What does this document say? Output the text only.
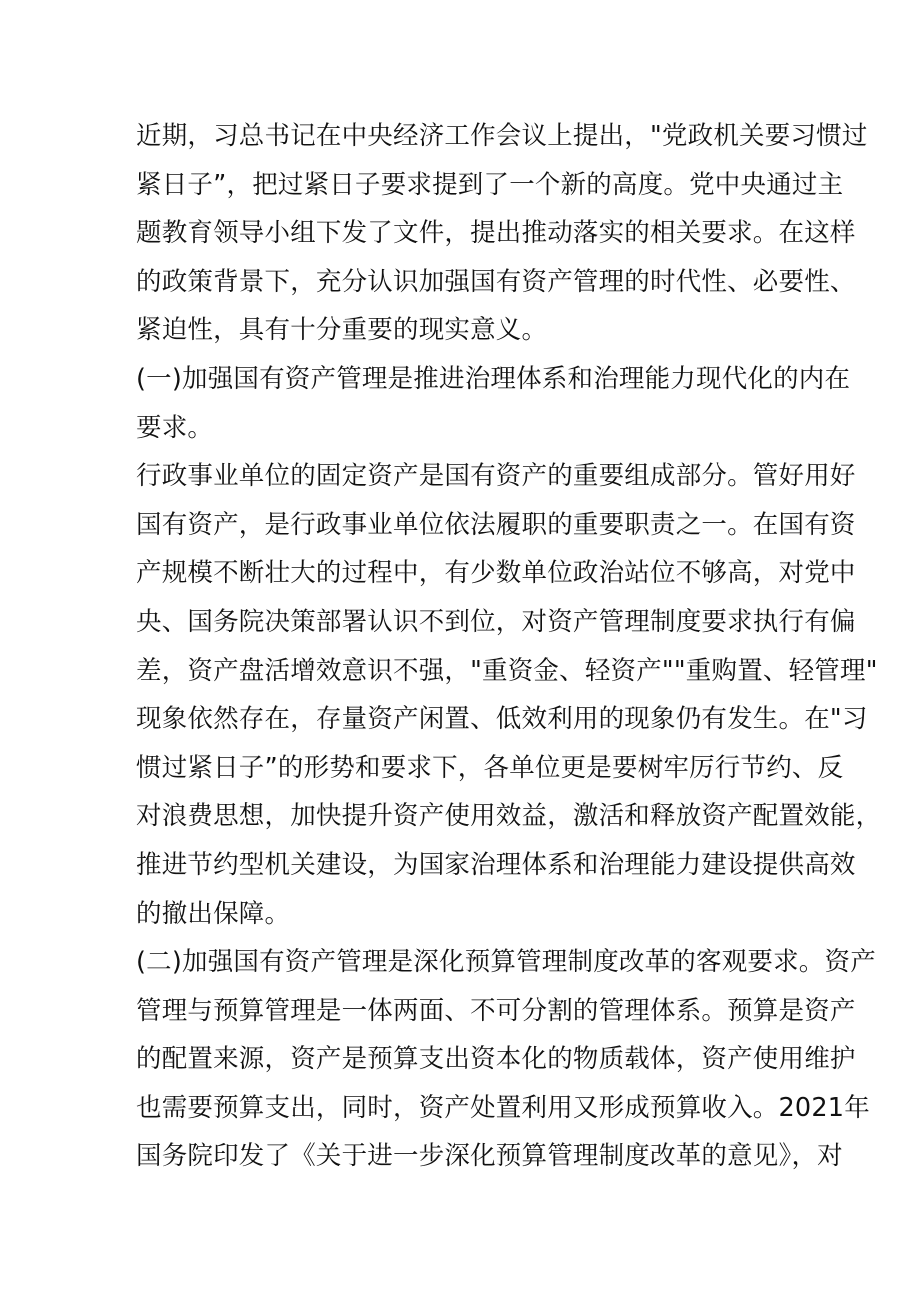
近期，习总书记在中央经济工作会议上提出，"党政机关要习惯过
紧日子”，把过紧日子要求提到了一个新的高度。党中央通过主
题教育领导小组下发了文件，提出推动落实的相关要求。在这样
的政策背景下，充分认识加强国有资产管理的时代性、必要性、
紧迫性，具有十分重要的现实意义。
(一)加强国有资产管理是推进治理体系和治理能力现代化的内在
要求。
行政事业单位的固定资产是国有资产的重要组成部分。管好用好
国有资产，是行政事业单位依法履职的重要职责之一。在国有资
产规模不断壮大的过程中，有少数单位政治站位不够高，对党中
央、国务院决策部署认识不到位，对资产管理制度要求执行有偏
差，资产盘活增效意识不强，"重资金、轻资产""重购置、轻管理"
现象依然存在，存量资产闲置、低效利用的现象仍有发生。在"习
惯过紧日子”的形势和要求下，各单位更是要树牢厉行节约、反
对浪费思想，加快提升资产使用效益，激活和释放资产配置效能，
推进节约型机关建设，为国家治理体系和治理能力建设提供高效
的撤出保障。
(二)加强国有资产管理是深化预算管理制度改革的客观要求。资产
管理与预算管理是一体两面、不可分割的管理体系。预算是资产
的配置来源，资产是预算支出资本化的物质载体，资产使用维护
也需要预算支出，同时，资产处置利用又形成预算收入。2021年
国务院印发了《关于进一步深化预算管理制度改革的意见》，对
